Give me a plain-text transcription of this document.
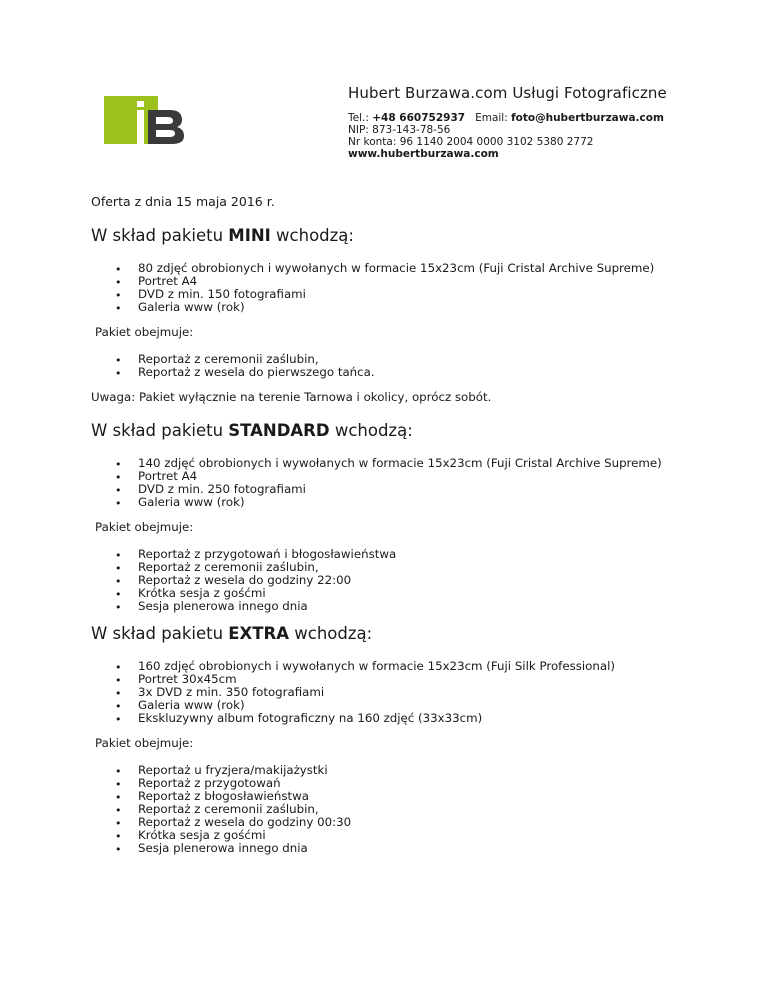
Hubert Burzawa.com Usługi Fotograficzne

Tel.: +48 660752937 Email: foto@hubertburzawa.com
NIP: 873-143-78-56
Nr konta: 96 1140 2004 0000 3102 5380 2772
www.hubertburzawa.com

Oferta z dnia 15 maja 2016 r.

W skład pakietu MINI wchodzą:
• 80 zdjęć obrobionych i wywołanych w formacie 15x23cm (Fuji Cristal Archive Supreme)
• Portret A4
• DVD z min. 150 fotografiami
• Galeria www (rok)

Pakiet obejmuje:

• Reportaż z ceremonii zaślubin,
• Reportaż z wesela do pierwszego tańca.

Uwaga: Pakiet wyłącznie na terenie Tarnowa i okolicy, oprócz sobót.

W skład pakietu STANDARD wchodzą:
• 140 zdjęć obrobionych i wywołanych w formacie 15x23cm (Fuji Cristal Archive Supreme)
• Portret A4
• DVD z min. 250 fotografiami
• Galeria www (rok)

Pakiet obejmuje:

• Reportaż z przygotowań i błogosławieństwa
• Reportaż z ceremonii zaślubin,
• Reportaż z wesela do godziny 22:00
• Krótka sesja z gośćmi
• Sesja plenerowa innego dnia
W skład pakietu EXTRA wchodzą:
• 160 zdjęć obrobionych i wywołanych w formacie 15x23cm (Fuji Silk Professional)
• Portret 30x45cm
• 3x DVD z min. 350 fotografiami
• Galeria www (rok)
• Ekskluzywny album fotograficzny na 160 zdjęć (33x33cm)

Pakiet obejmuje:

• Reportaż u fryzjera/makijażystki
• Reportaż z przygotowań
• Reportaż z błogosławieństwa
• Reportaż z ceremonii zaślubin,
• Reportaż z wesela do godziny 00:30
• Krótka sesja z gośćmi
• Sesja plenerowa innego dnia
